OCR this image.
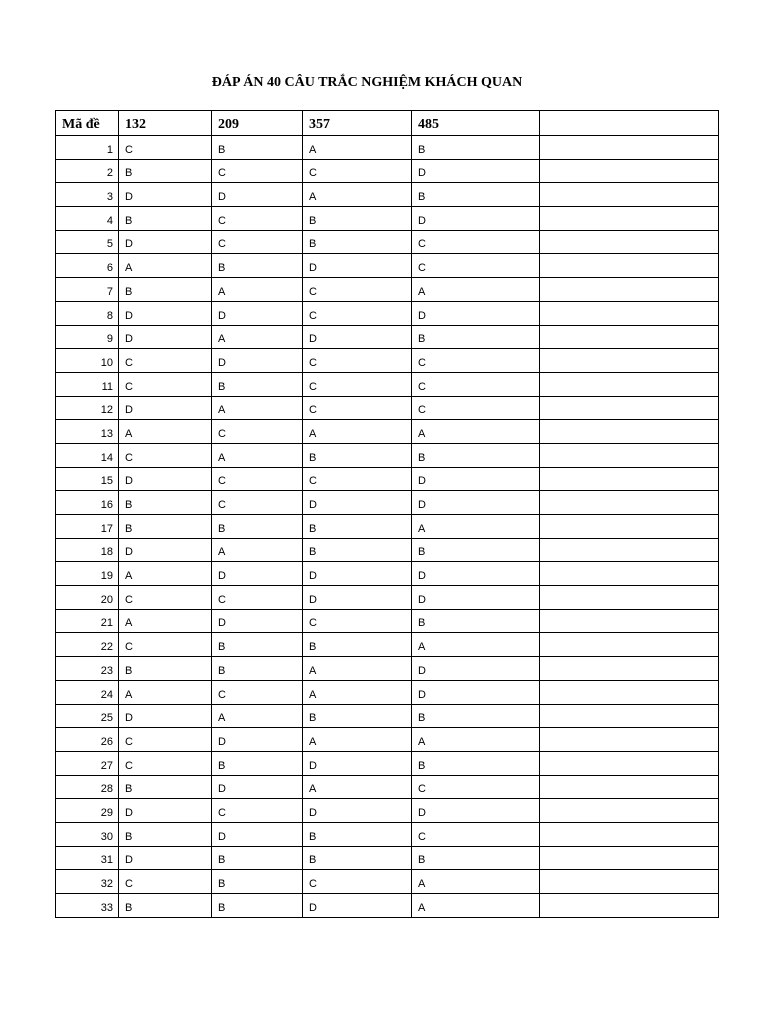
ĐÁP ÁN 40 CÂU TRẮC NGHIỆM KHÁCH QUAN
Mã đề	132	209	357	485	
1	C	B	A	B	
2	B	C	C	D	
3	D	D	A	B	
4	B	C	B	D	
5	D	C	B	C	
6	A	B	D	C	
7	B	A	C	A	
8	D	D	C	D	
9	D	A	D	B	
10	C	D	C	C	
11	C	B	C	C	
12	D	A	C	C	
13	A	C	A	A	
14	C	A	B	B	
15	D	C	C	D	
16	B	C	D	D	
17	B	B	B	A	
18	D	A	B	B	
19	A	D	D	D	
20	C	C	D	D	
21	A	D	C	B	
22	C	B	B	A	
23	B	B	A	D	
24	A	C	A	D	
25	D	A	B	B	
26	C	D	A	A	
27	C	B	D	B	
28	B	D	A	C	
29	D	C	D	D	
30	B	D	B	C	
31	D	B	B	B	
32	C	B	C	A	
33	B	B	D	A	
